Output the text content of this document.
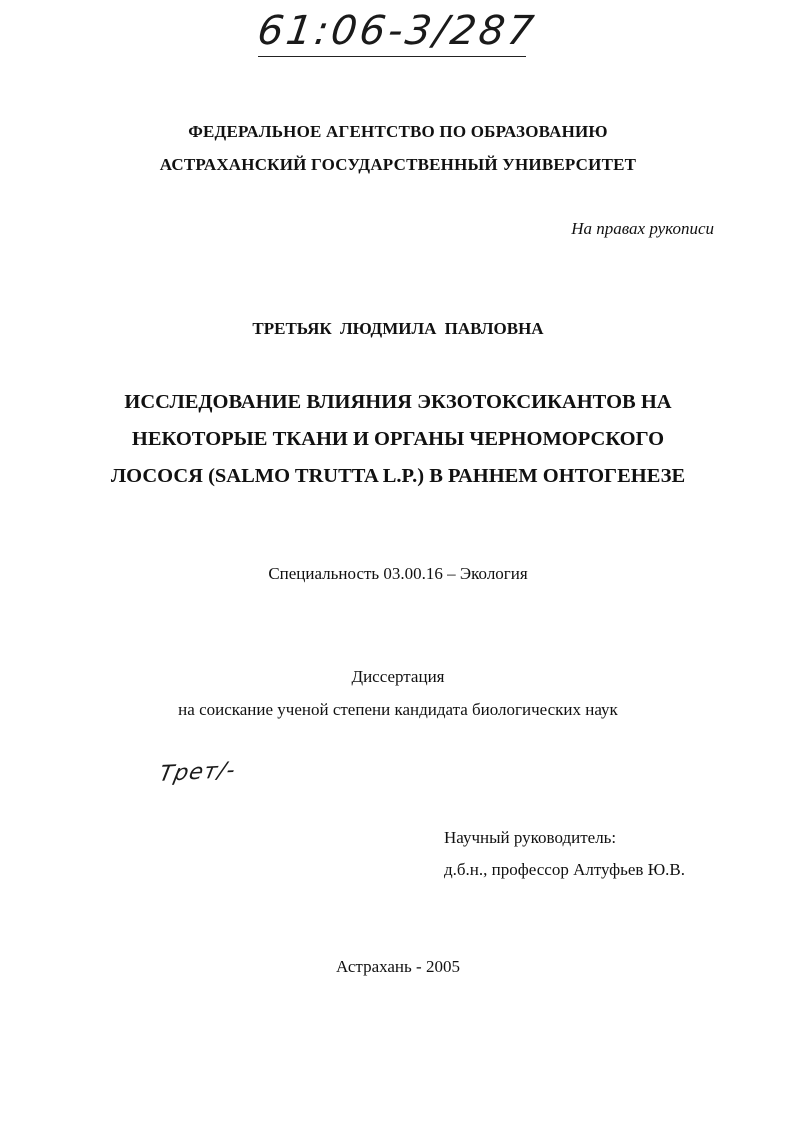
61:06-3/287
ФЕДЕРАЛЬНОЕ АГЕНТСТВО ПО ОБРАЗОВАНИЮ
АСТРАХАНСКИЙ ГОСУДАРСТВЕННЫЙ УНИВЕРСИТЕТ
На правах рукописи
ТРЕТЬЯК ЛЮДМИЛА ПАВЛОВНА
ИССЛЕДОВАНИЕ ВЛИЯНИЯ ЭКЗОТОКСИКАНТОВ НА
НЕКОТОРЫЕ ТКАНИ И ОРГАНЫ ЧЕРНОМОРСКОГО
ЛОСОСЯ (SALMO TRUTTA L.P.) В РАННЕМ ОНТОГЕНЕЗЕ
Специальность 03.00.16 – Экология
Диссертация
на соискание ученой степени кандидата биологических наук
Трет/-
Научный руководитель:
д.б.н., профессор Алтуфьев Ю.В.
Астрахань - 2005
